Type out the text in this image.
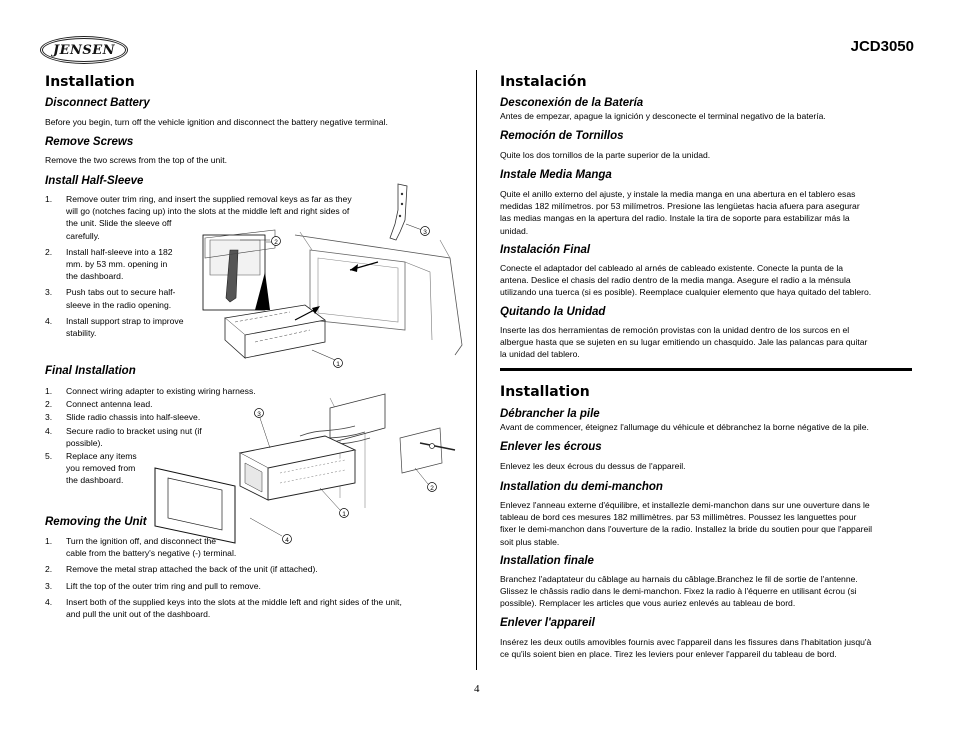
JENSEN	JCD3050
Installation
Disconnect Battery
Before you begin, turn off the vehicle ignition and disconnect the battery negative terminal.
Remove Screws
Remove the two screws from the top of the unit.
Install Half-Sleeve
1. Remove outer trim ring, and insert the supplied removal keys as far as they
will go (notches facing up) into the slots at the middle left and right sides of
the unit. Slide the sleeve off
carefully.
2. Install half-sleeve into a 182
mm. by 53 mm. opening in
the dashboard.
3. Push tabs out to secure half-
sleeve in the radio opening.
4. Install support strap to improve
stability.
3
2
1
Final Installation
1. Connect wiring adapter to existing wiring harness.
2. Connect antenna lead.
3. Slide radio chassis into half-sleeve.
4. Secure radio to bracket using nut (if
possible).
5. Replace any items
you removed from
the dashboard.
3
2
1
4
Removing the Unit
1. Turn the ignition off, and disconnect the
cable from the battery's negative (-) terminal.
2. Remove the metal strap attached the back of the unit (if attached).
3. Lift the top of the outer trim ring and pull to remove.
4. Insert both of the supplied keys into the slots at the middle left and right sides of the unit,
and pull the unit out of the dashboard.
Instalación
Desconexión de la Batería
Antes de empezar, apague la ignición y desconecte el terminal negativo de la batería.
Remoción de Tornillos
Quite los dos tornillos de la parte superior de la unidad.
Instale Media Manga
Quite el anillo externo del ajuste, y instale la media manga en una abertura en el tablero esas
medidas 182 milímetros. por 53 milímetros. Presione las lengüetas hacia afuera para asegurar
las medias mangas en la apertura del radio. Instale la tira de soporte para estabilizar más la
unidad.
Instalación Final
Conecte el adaptador del cableado al arnés de cableado existente. Conecte la punta de la
antena. Deslice el chasis del radio dentro de la media manga. Asegure el radio a la ménsula
utilizando una tuerca (si es posible). Reemplace cualquier elemento que haya quitado del tablero.
Quitando la Unidad
Inserte las dos herramientas de remoción provistas con la unidad dentro de los surcos en el
albergue hasta que se sujeten en su lugar emitiendo un chasquido. Jale las palancas para quitar
la unidad del tablero.
Installation
Débrancher la pile
Avant de commencer, éteignez l'allumage du véhicule et débranchez la borne négative de la pile.
Enlever les écrous
Enlevez les deux écrous du dessus de l'appareil.
Installation du demi-manchon
Enlevez l'anneau externe d'équilibre, et installezle demi-manchon dans sur une ouverture dans le
tableau de bord ces mesures 182 millimètres. par 53 millimètres. Poussez les languettes pour
fixer le demi-manchon dans l'ouverture de la radio. Installez la bride du soutien pour que l'appareil
soit plus stable.
Installation finale
Branchez l'adaptateur du câblage au harnais du câblage.Branchez le fil de sortie de l'antenne.
Glissez le châssis radio dans le demi-manchon. Fixez la radio à l'équerre en utilisant écrou (si
possible). Remplacer les articles que vous auriez enlevés au tableau de bord.
Enlever l'appareil
Insérez les deux outils amovibles fournis avec l'appareil dans les fissures dans l'habitation jusqu'à
ce qu'ils soient bien en place. Tirez les leviers pour enlever l'appareil du tableau de bord.
4
